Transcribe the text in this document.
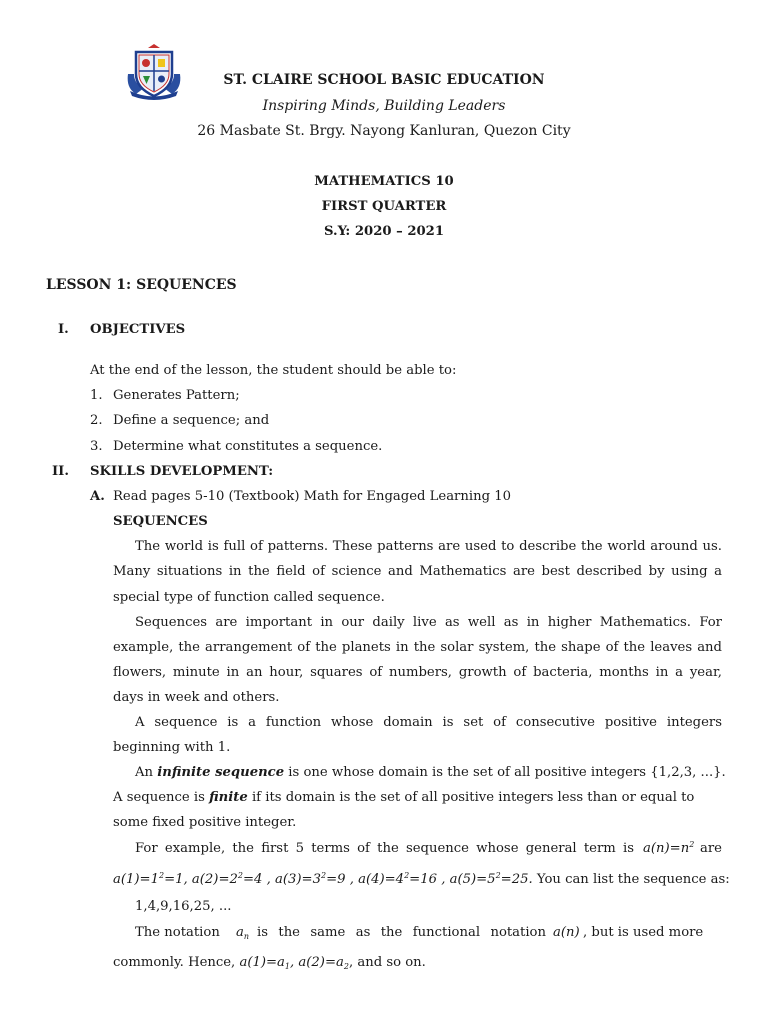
ST. CLAIRE SCHOOL BASIC EDUCATION
Inspiring Minds, Building Leaders
26 Masbate St. Brgy. Nayong Kanluran, Quezon City
MATHEMATICS 10
FIRST QUARTER
S.Y: 2020 – 2021
LESSON 1: SEQUENCES
I. OBJECTIVES
At the end of the lesson, the student should be able to:
1. Generates Pattern;
2. Define a sequence; and
3. Determine what constitutes a sequence.
II. SKILLS DEVELOPMENT:
A. Read pages 5-10 (Textbook) Math for Engaged Learning 10
SEQUENCES
The world is full of patterns. These patterns are used to describe the world around us.
Many situations in the field of science and Mathematics are best described by using a
special type of function called sequence.
Sequences are important in our daily live as well as in higher Mathematics. For
example, the arrangement of the planets in the solar system, the shape of the leaves and
flowers, minute in an hour, squares of numbers, growth of bacteria, months in a year,
days in week and others.
A sequence is a function whose domain is set of consecutive positive integers
beginning with 1.
An infinite sequence is one whose domain is the set of all positive integers {1,2,3, ...}.
A sequence is finite if its domain is the set of all positive integers less than or equal to
some fixed positive integer.
For example, the first 5 terms of the sequence whose general term is $a(n)=n^2$ are
$a(1)=1^2=1$, $a(2)=2^2=4$ , $a(3)=3^2=9$ , $a(4)=4^2=16$ , $a(5)=5^2=25$. You can list the sequence as:
1,4,9,16,25, ...
The notation $a_n$ is the same as the functional notation a(n) , but is used more
commonly. Hence, $a(1)=a_1$, $a(2)=a_2$, and so on.
